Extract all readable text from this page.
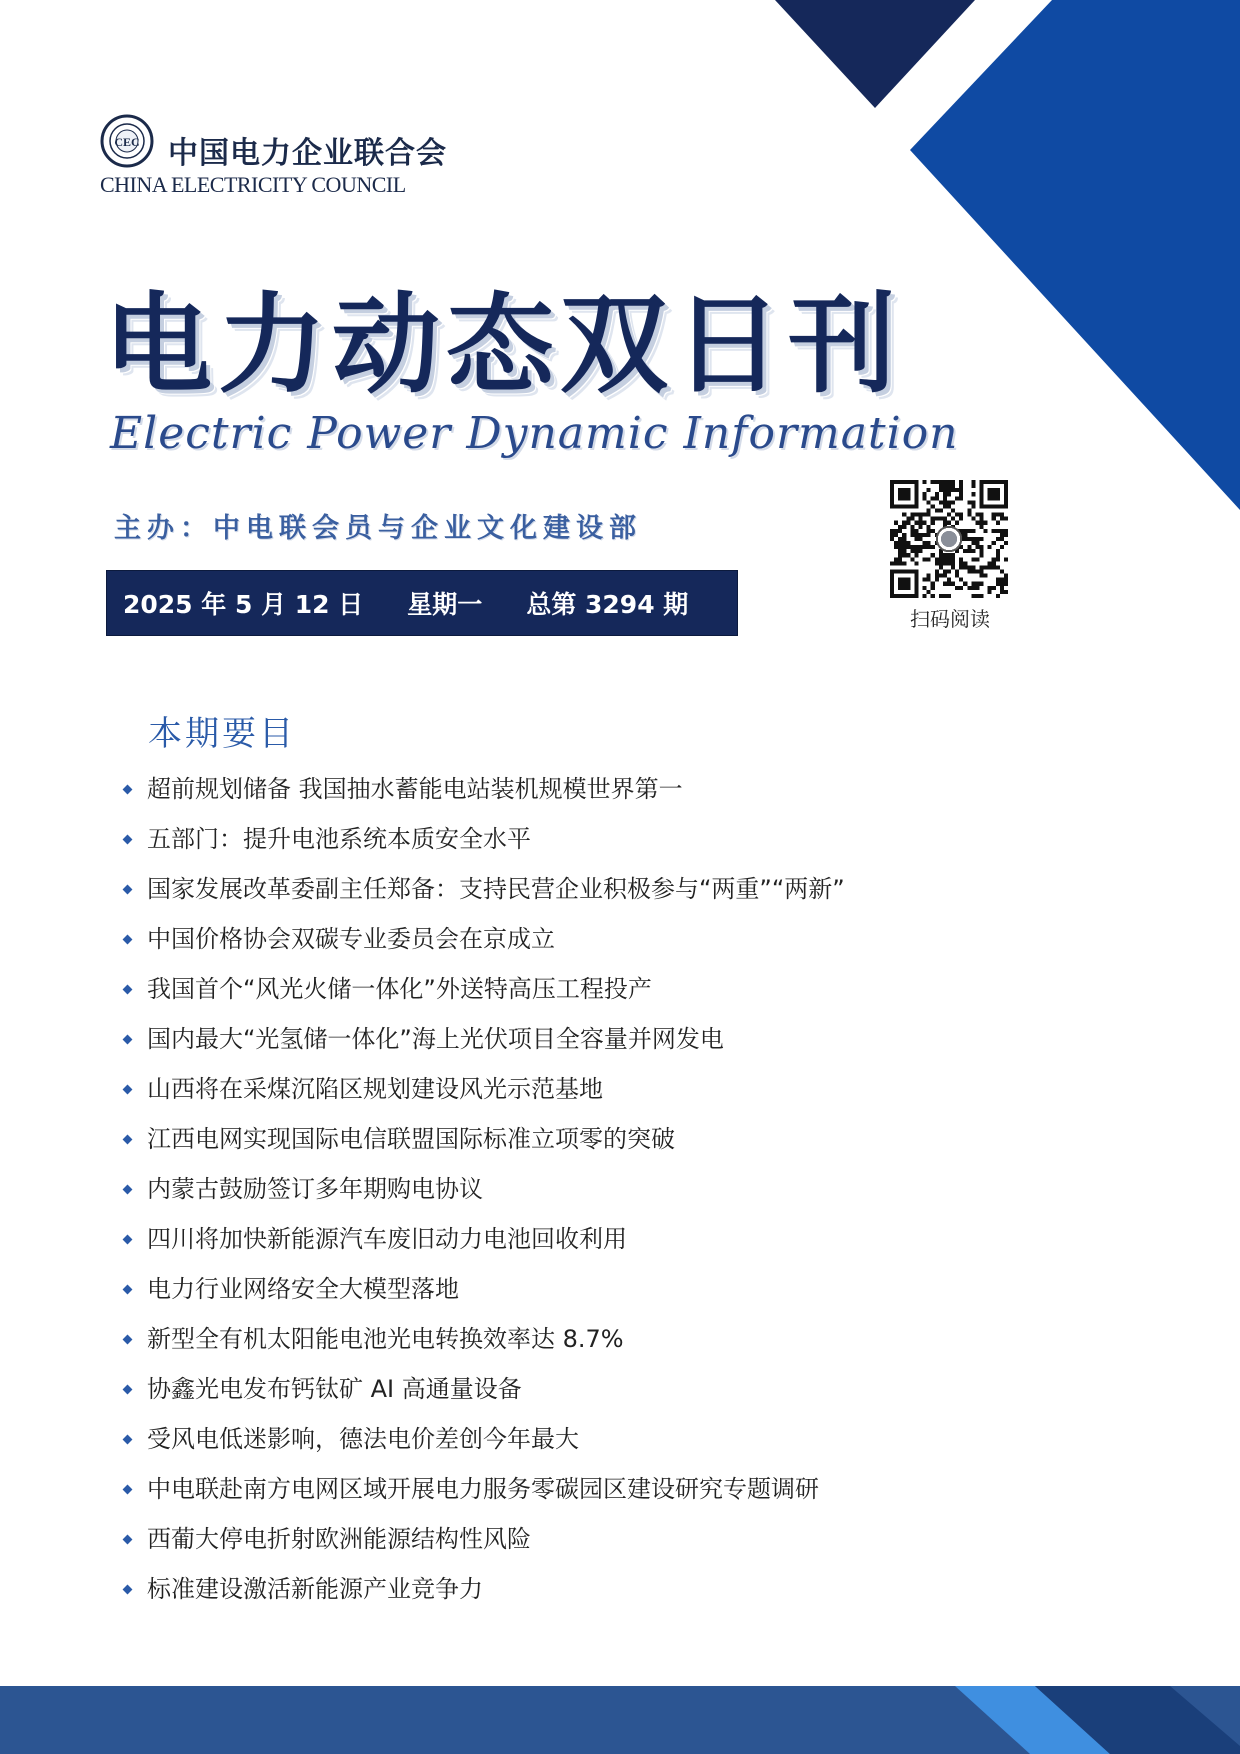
CEC 中国电力企业联合会
CHINA ELECTRICITY COUNCIL
电力动态双日刊
Electric Power Dynamic Information
主办：中电联会员与企业文化建设部
2025 年 5 月 12 日 星期一 总第 3294 期	扫码阅读
本期要目
超前规划储备 我国抽水蓄能电站装机规模世界第一
五部门：提升电池系统本质安全水平
国家发展改革委副主任郑备：支持民营企业积极参与“两重”“两新”
中国价格协会双碳专业委员会在京成立
我国首个“风光火储一体化”外送特高压工程投产
国内最大“光氢储一体化”海上光伏项目全容量并网发电
山西将在采煤沉陷区规划建设风光示范基地
江西电网实现国际电信联盟国际标准立项零的突破
内蒙古鼓励签订多年期购电协议
四川将加快新能源汽车废旧动力电池回收利用
电力行业网络安全大模型落地
新型全有机太阳能电池光电转换效率达 8.7%
协鑫光电发布钙钛矿 AI 高通量设备
受风电低迷影响，德法电价差创今年最大
中电联赴南方电网区域开展电力服务零碳园区建设研究专题调研
西葡大停电折射欧洲能源结构性风险
标准建设激活新能源产业竞争力
